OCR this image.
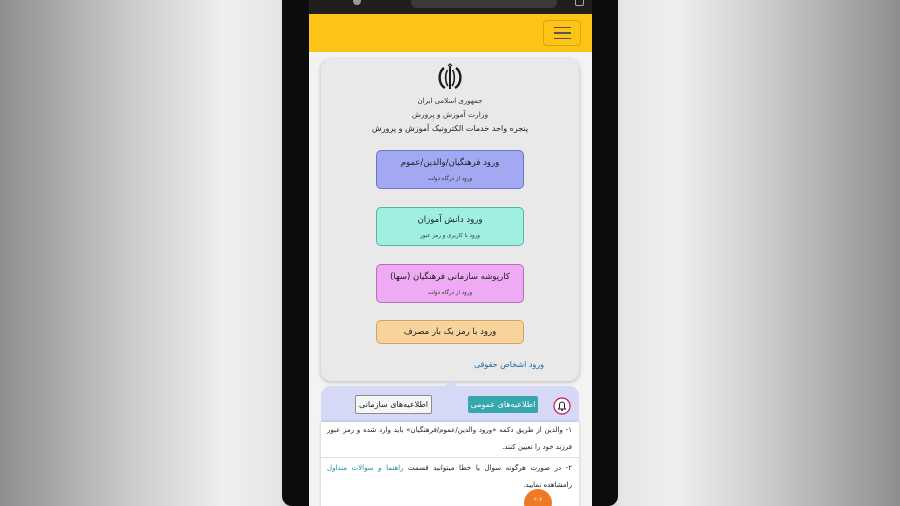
جمهوری اسلامی ایران
وزارت آموزش و پرورش
پنجره واحد خدمات الکترونیک آموزش و پرورش
ورود فرهنگیان/والدین/عموم
ورود از درگاه دولت
ورود دانش آموزان
ورود با کاربری و رمز عبور
کارپوشه سازمانی فرهنگیان (سها)
ورود از درگاه دولت
ورود با رمز یک بار مصرف
ورود اشخاص حقوقی
اطلاعیه‌های عمومی
اطلاعیه‌های سازمانی
۱- والدین از طریق دکمه «ورود والدین/عموم/فرهنگیان» باید وارد شده و رمز عبور فرزند خود را تعیین کنند.
۲- در صورت هرگونه سوال یا خطا میتوانید قسمت راهنما و سوالات متداول رامشاهده نمایید.
۲۰۷
